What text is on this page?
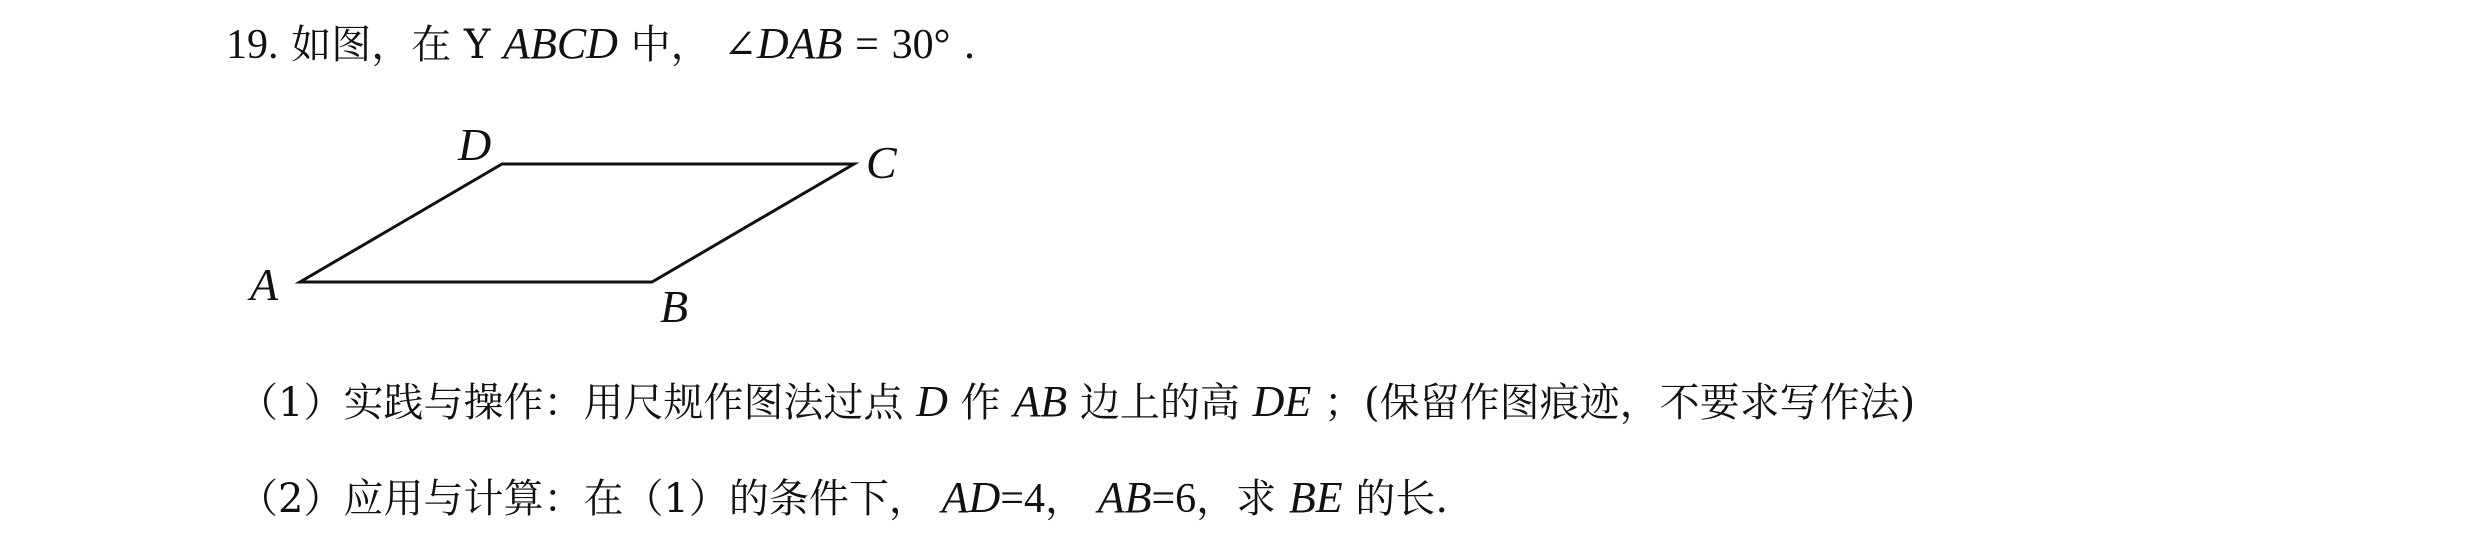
19. 如图，在 Y ABCD 中， ∠DAB = 30° .
A	B
C
D
（1）实践与操作：用尺规作图法过点 D 作 AB 边上的高 DE ；(保留作图痕迹，不要求写作法)
（2）应用与计算：在（1）的条件下， AD=4， AB=6，求 BE 的长.
